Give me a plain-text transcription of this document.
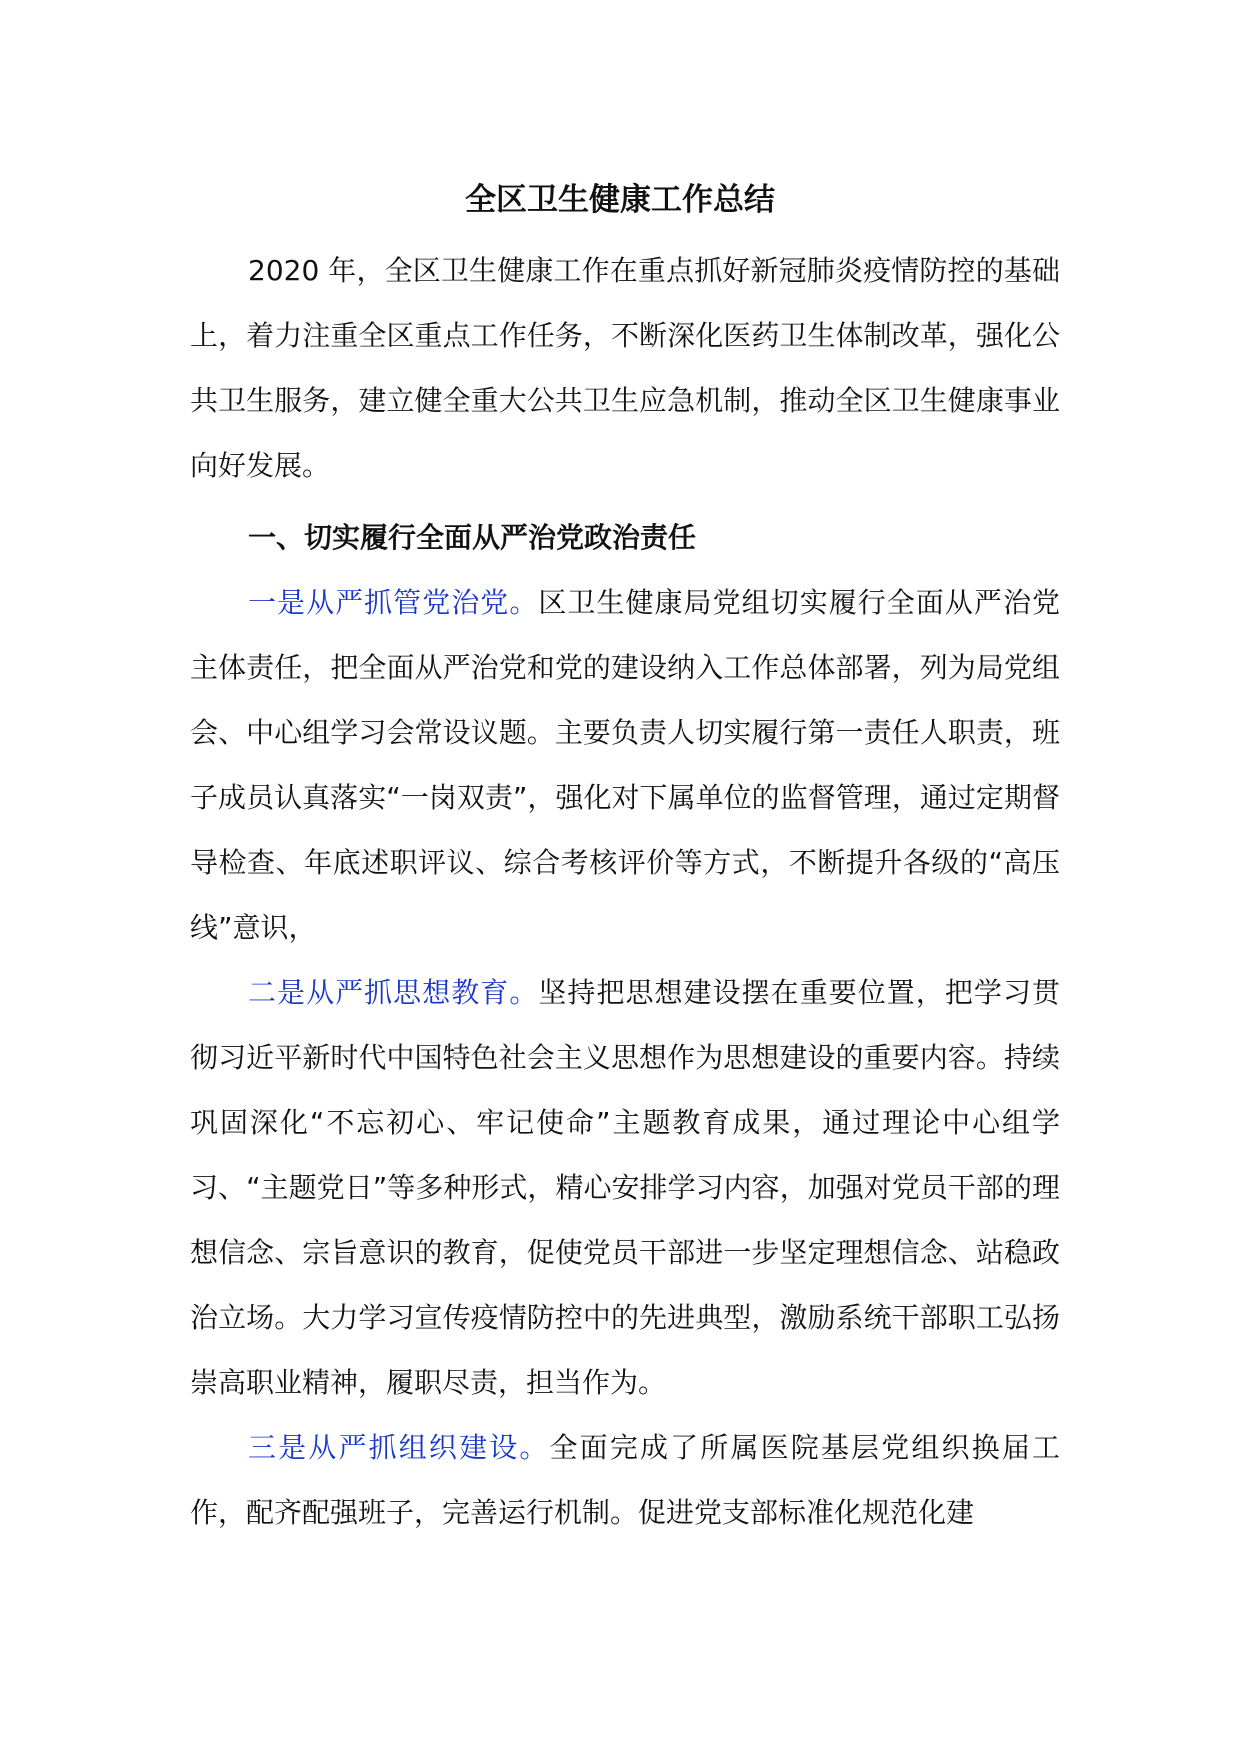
全区卫生健康工作总结

2020 年，全区卫生健康工作在重点抓好新冠肺炎疫情防控的基础上，着力注重全区重点工作任务，不断深化医药卫生体制改革，强化公共卫生服务，建立健全重大公共卫生应急机制，推动全区卫生健康事业向好发展。

一、切实履行全面从严治党政治责任

一是从严抓管党治党。区卫生健康局党组切实履行全面从严治党主体责任，把全面从严治党和党的建设纳入工作总体部署，列为局党组会、中心组学习会常设议题。主要负责人切实履行第一责任人职责，班子成员认真落实“一岗双责”，强化对下属单位的监督管理，通过定期督导检查、年底述职评议、综合考核评价等方式，不断提升各级的“高压线”意识，

二是从严抓思想教育。坚持把思想建设摆在重要位置，把学习贯彻习近平新时代中国特色社会主义思想作为思想建设的重要内容。持续巩固深化“不忘初心、牢记使命”主题教育成果，通过理论中心组学习、“主题党日”等多种形式，精心安排学习内容，加强对党员干部的理想信念、宗旨意识的教育，促使党员干部进一步坚定理想信念、站稳政治立场。大力学习宣传疫情防控中的先进典型，激励系统干部职工弘扬崇高职业精神，履职尽责，担当作为。

三是从严抓组织建设。全面完成了所属医院基层党组织换届工作，配齐配强班子，完善运行机制。促进党支部标准化规范化建
